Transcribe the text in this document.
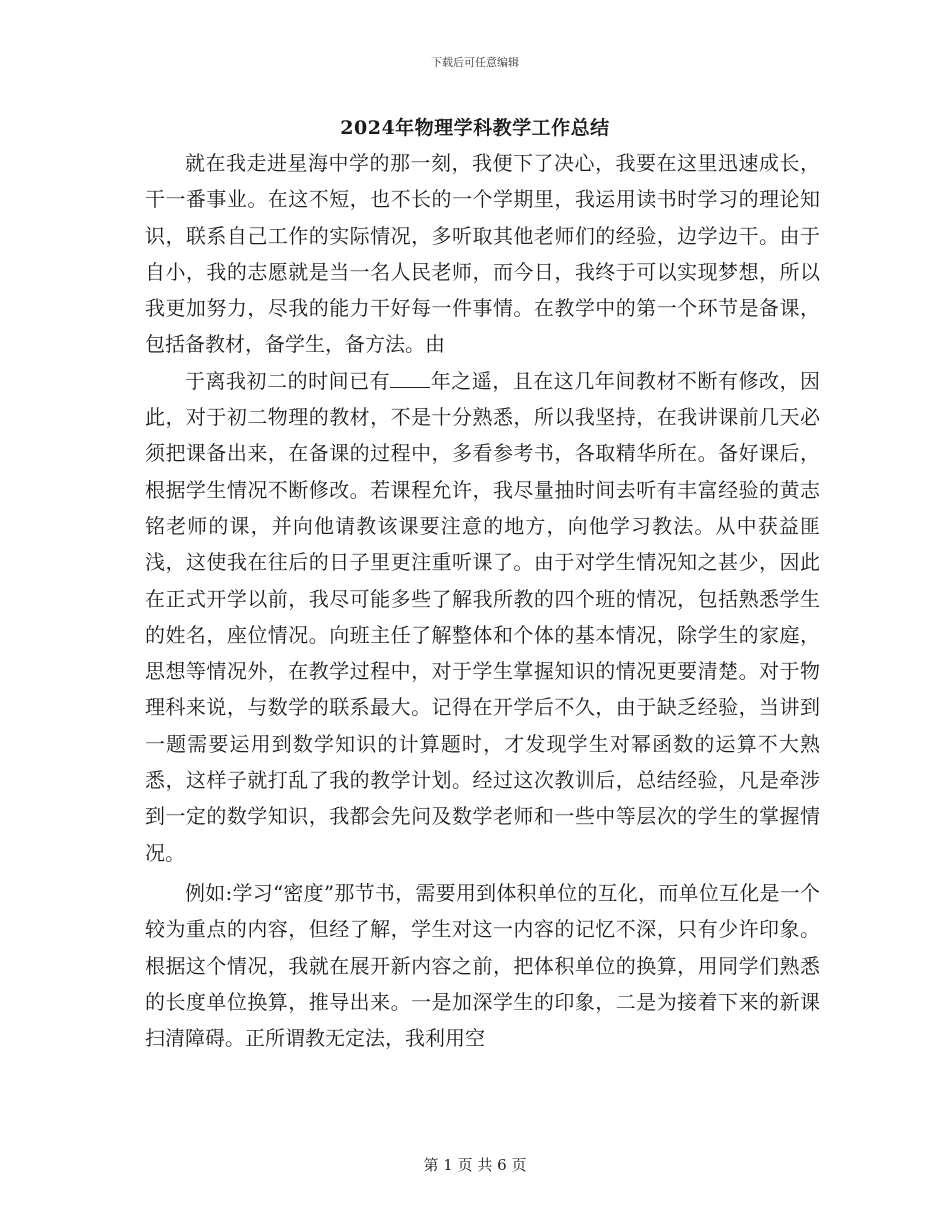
下载后可任意编辑
2024年物理学科教学工作总结

就在我走进星海中学的那一刻，我便下了决心，我要在这里迅速成长，干一番事业。在这不短，也不长的一个学期里，我运用读书时学习的理论知识，联系自己工作的实际情况，多听取其他老师们的经验，边学边干。由于自小，我的志愿就是当一名人民老师，而今日，我终于可以实现梦想，所以我更加努力，尽我的能力干好每一件事情。在教学中的第一个环节是备课，包括备教材，备学生，备方法。由

于离我初二的时间已有 年之遥，且在这几年间教材不断有修改，因此，对于初二物理的教材，不是十分熟悉，所以我坚持，在我讲课前几天必须把课备出来，在备课的过程中，多看参考书，各取精华所在。备好课后，根据学生情况不断修改。若课程允许，我尽量抽时间去听有丰富经验的黄志铭老师的课，并向他请教该课要注意的地方，向他学习教法。从中获益匪浅，这使我在往后的日子里更注重听课了。由于对学生情况知之甚少，因此在正式开学以前，我尽可能多些了解我所教的四个班的情况，包括熟悉学生的姓名，座位情况。向班主任了解整体和个体的基本情况，除学生的家庭，思想等情况外，在教学过程中，对于学生掌握知识的情况更要清楚。对于物理科来说，与数学的联系最大。记得在开学后不久，由于缺乏经验，当讲到一题需要运用到数学知识的计算题时，才发现学生对幂函数的运算不大熟悉，这样子就打乱了我的教学计划。经过这次教训后，总结经验，凡是牵涉到一定的数学知识，我都会先问及数学老师和一些中等层次的学生的掌握情况。

例如:学习“密度”那节书，需要用到体积单位的互化，而单位互化是一个较为重点的内容，但经了解，学生对这一内容的记忆不深，只有少许印象。根据这个情况，我就在展开新内容之前，把体积单位的换算，用同学们熟悉的长度单位换算，推导出来。一是加深学生的印象，二是为接着下来的新课扫清障碍。正所谓教无定法，我利用空

第 1 页 共 6 页
